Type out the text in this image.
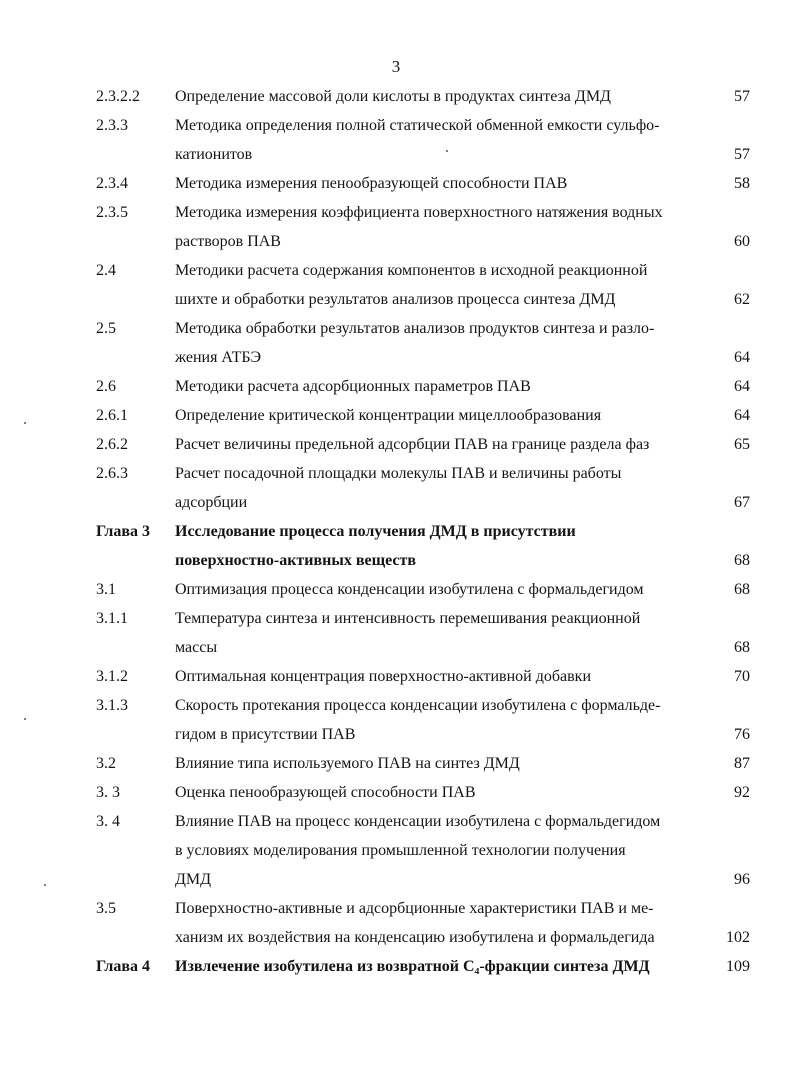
3
2.3.2.2 Определение массовой доли кислоты в продуктах синтеза ДМД	57
2.3.3	Методика определения полной статической обменной емкости сульфо-
катионитов	57
2.3.4	Методика измерения пенообразующей способности ПАВ	58
2.3.5	Методика измерения коэффициента поверхностного натяжения водных
растворов ПАВ	60
2.4	Методики расчета содержания компонентов в исходной реакционной
шихте и обработки результатов анализов процесса синтеза ДМД	62
2.5	Методика обработки результатов анализов продуктов синтеза и разло-
жения АТБЭ	64
2.6	Методики расчета адсорбционных параметров ПАВ	64
2.6.1	Определение критической концентрации мицеллообразования	64
2.6.2	Расчет величины предельной адсорбции ПАВ на границе раздела фаз	65
2.6.3	Расчет посадочной площадки молекулы ПАВ и величины работы
адсорбции	67
Глава 3 Исследование процесса получения ДМД в присутствии
поверхностно-активных веществ	68
3.1	Оптимизация процесса конденсации изобутилена с формальдегидом	68
3.1.1	Температура синтеза и интенсивность перемешивания реакционной
массы	68
3.1.2	Оптимальная концентрация поверхностно-активной добавки	70
3.1.3	Скорость протекания процесса конденсации изобутилена с формальде-
гидом в присутствии ПАВ	76
3.2	Влияние типа используемого ПАВ на синтез ДМД	87
3. 3	Оценка пенообразующей способности ПАВ	92
3. 4	Влияние ПАВ на процесс конденсации изобутилена с формальдегидом
в условиях моделирования промышленной технологии получения
ДМД	96
3.5	Поверхностно-активные и адсорбционные характеристики ПАВ и ме-
ханизм их воздействия на конденсацию изобутилена и формальдегида	102
Глава 4 Извлечение изобутилена из возвратной С₄-фракции синтеза ДМД	109
